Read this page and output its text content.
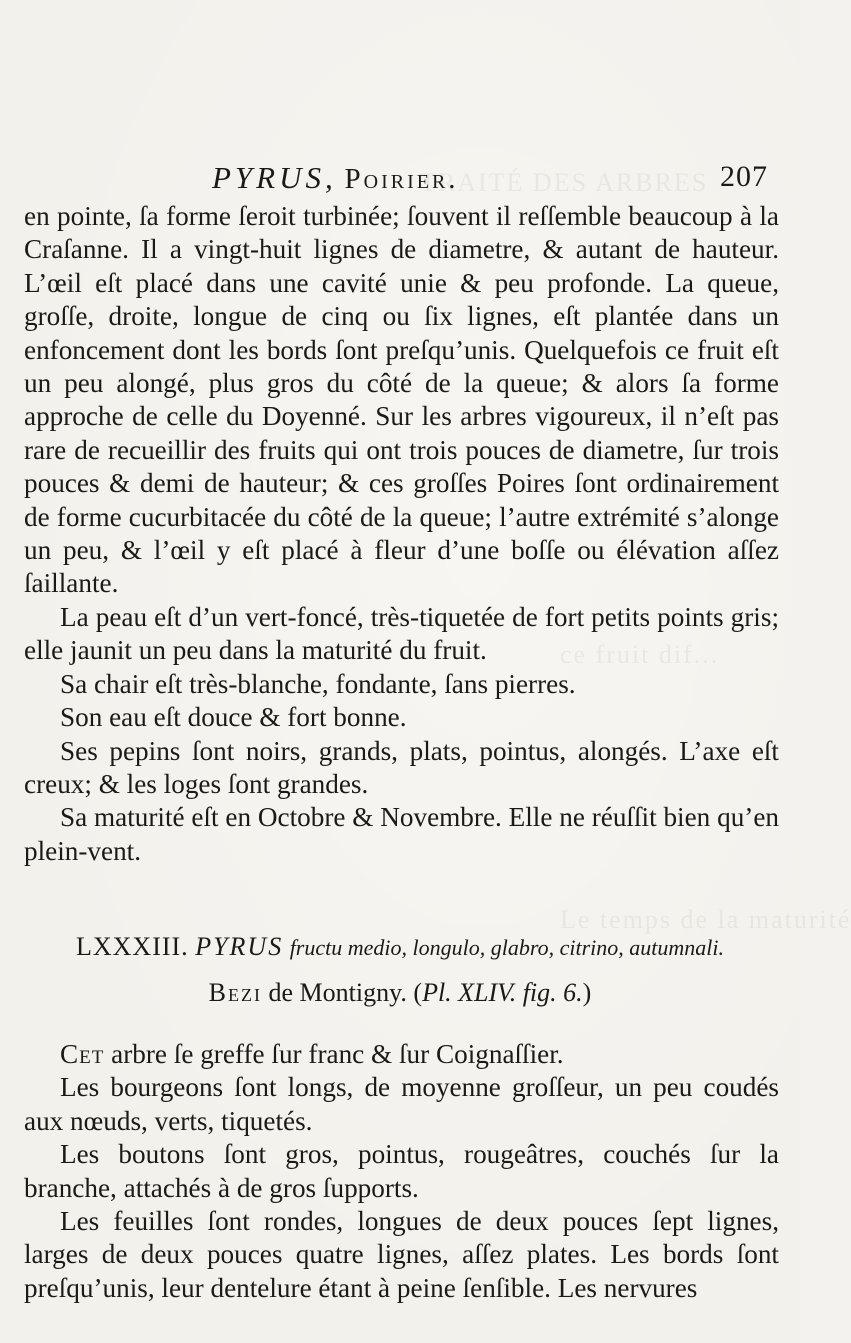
TRAITÉ DES ARBRES
ce fruit dif...
Le temps de la maturité
PYRUS, Poirier.	207

en pointe, ſa forme ſeroit turbinée; ſouvent il reſſemble beaucoup à la Craſanne. Il a vingt-huit lignes de diametre, & autant de hauteur. L’œil eſt placé dans une cavité unie & peu profonde. La queue, groſſe, droite, longue de cinq ou ſix lignes, eſt plantée dans un enfoncement dont les bords ſont preſqu’unis. Quelquefois ce fruit eſt un peu alongé, plus gros du côté de la queue; & alors ſa forme approche de celle du Doyenné. Sur les arbres vigoureux, il n’eſt pas rare de recueillir des fruits qui ont trois pouces de diametre, ſur trois pouces & demi de hauteur; & ces groſſes Poires ſont ordinairement de forme cucurbitacée du côté de la queue; l’autre extrémité s’alonge un peu, & l’œil y eſt placé à fleur d’une boſſe ou élévation aſſez ſaillante.

La peau eſt d’un vert-foncé, très-tiquetée de fort petits points gris; elle jaunit un peu dans la maturité du fruit.

Sa chair eſt très-blanche, fondante, ſans pierres.

Son eau eſt douce & fort bonne.

Ses pepins ſont noirs, grands, plats, pointus, alongés. L’axe eſt creux; & les loges ſont grandes.

Sa maturité eſt en Octobre & Novembre. Elle ne réuſſit bien qu’en plein-vent.

LXXXIII. PYRUS fructu medio, longulo, glabro, citrino, autumnali.
Bezi de Montigny. (Pl. XLIV. fig. 6.)

Cet arbre ſe greffe ſur franc & ſur Coignaſſier.

Les bourgeons ſont longs, de moyenne groſſeur, un peu coudés aux nœuds, verts, tiquetés.

Les boutons ſont gros, pointus, rougeâtres, couchés ſur la branche, attachés à de gros ſupports.

Les feuilles ſont rondes, longues de deux pouces ſept lignes, larges de deux pouces quatre lignes, aſſez plates. Les bords ſont preſqu’unis, leur dentelure étant à peine ſenſible. Les nervures
